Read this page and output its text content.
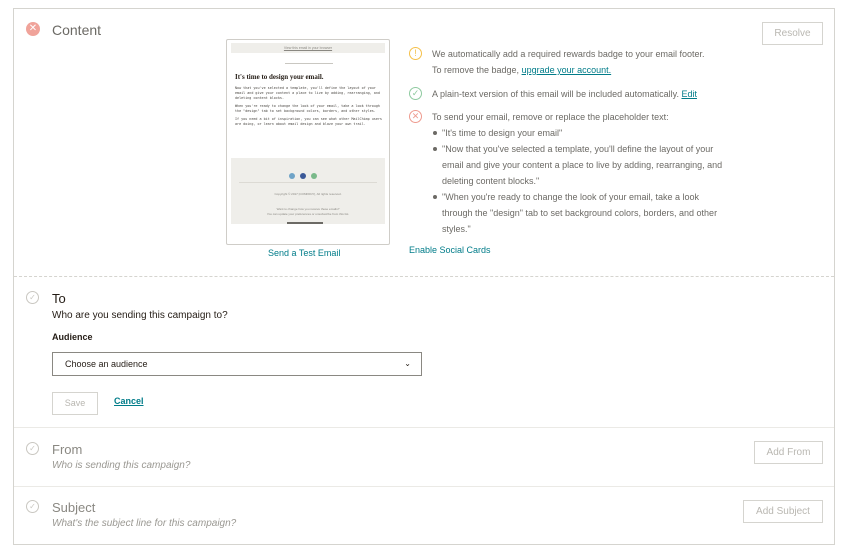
✕ Content	Resolve
View this email in your browser
It's time to design your email.

Now that you've selected a template, you'll define the layout of your email and give your content a place to live by adding, rearranging, and deleting content blocks.

When you're ready to change the look of your email, take a look through the "design" tab to set background colors, borders, and other styles.

If you need a bit of inspiration, you can see what other MailChimp users are doing, or learn about email design and blaze your own trail.

Copyright © 2017 |COMPANY|, All rights reserved.
Want to change how you receive these emails?
You can update your preferences or unsubscribe from this list.
Send a Test Email	Enable Social Cards
!	We automatically add a required rewards badge to your email footer.
To remove the badge, upgrade your account.
✓	A plain-text version of this email will be included automatically. Edit
✕	To send your email, remove or replace the placeholder text:
"It's time to design your email"
"Now that you've selected a template, you'll define the layout of your email and give your content a place to live by adding, rearranging, and deleting content blocks."
"When you're ready to change the look of your email, take a look through the "design" tab to set background colors, borders, and other styles."
✓ To
Who are you sending this campaign to?
Audience
Choose an audience	⌄
Save	Cancel
✓ From
Who is sending this campaign?
Add From
✓ Subject
What's the subject line for this campaign?
Add Subject
